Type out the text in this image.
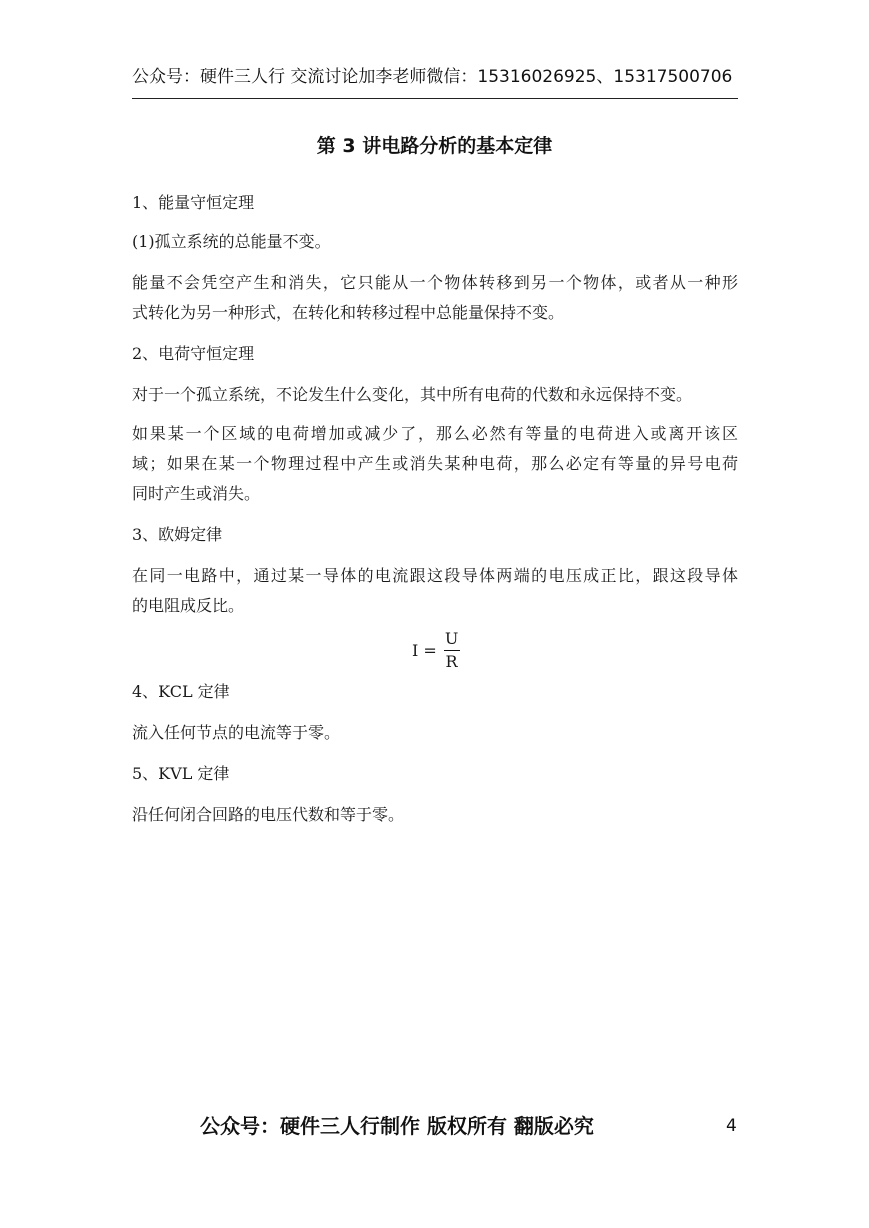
公众号：硬件三人行 交流讨论加李老师微信：15316026925、15317500706
第 3 讲电路分析的基本定律
1、能量守恒定理
(1)孤立系统的总能量不变。
能量不会凭空产生和消失，它只能从一个物体转移到另一个物体，或者从一种形
式转化为另一种形式，在转化和转移过程中总能量保持不变。
2、电荷守恒定理
对于一个孤立系统，不论发生什么变化，其中所有电荷的代数和永远保持不变。
如果某一个区域的电荷增加或减少了，那么必然有等量的电荷进入或离开该区
域；如果在某一个物理过程中产生或消失某种电荷，那么必定有等量的异号电荷
同时产生或消失。
3、欧姆定律
在同一电路中，通过某一导体的电流跟这段导体两端的电压成正比，跟这段导体
的电阻成反比。
$I = \frac{U}{R}$
4、KCL 定律
流入任何节点的电流等于零。
5、KVL 定律
沿任何闭合回路的电压代数和等于零。
公众号：硬件三人行制作 版权所有 翻版必究	4
